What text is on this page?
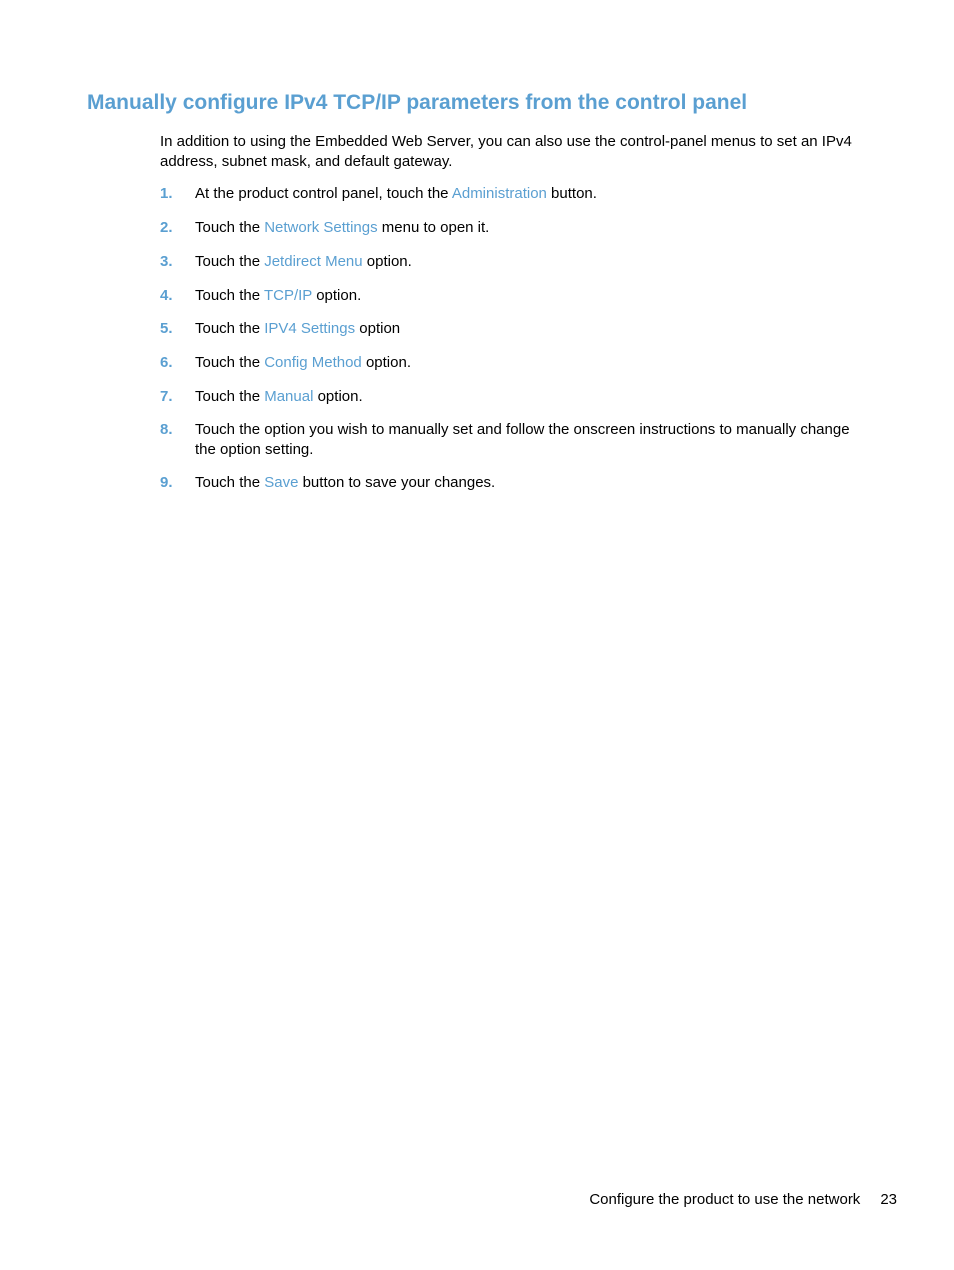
Manually configure IPv4 TCP/IP parameters from the control panel

In addition to using the Embedded Web Server, you can also use the control-panel menus to set an IPv4 address, subnet mask, and default gateway.

1. At the product control panel, touch the Administration button.
2. Touch the Network Settings menu to open it.
3. Touch the Jetdirect Menu option.
4. Touch the TCP/IP option.
5. Touch the IPV4 Settings option
6. Touch the Config Method option.
7. Touch the Manual option.
8. Touch the option you wish to manually set and follow the onscreen instructions to manually change the option setting.
9. Touch the Save button to save your changes.
Configure the product to use the network 23
